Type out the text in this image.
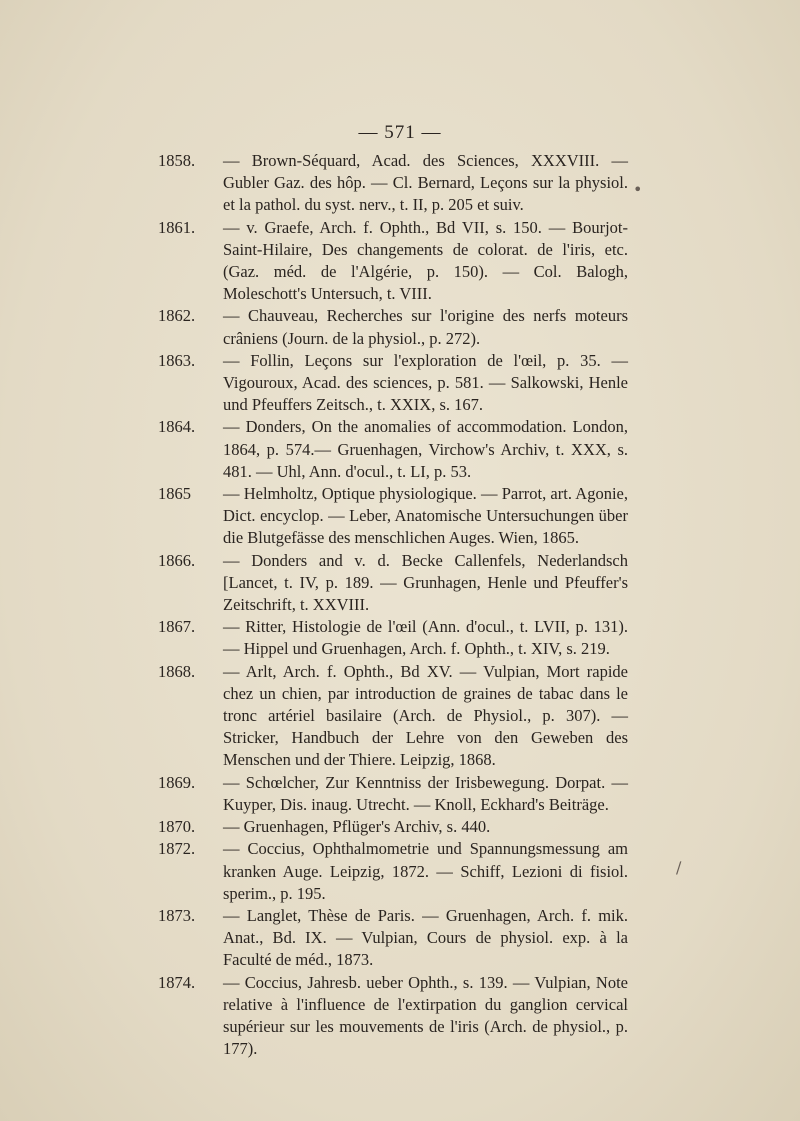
— 571 —

1858. — Brown-Séquard, Acad. des Sciences, XXXVIII. — Gubler Gaz. des hôp. — Cl. Bernard, Leçons sur la physiol. et la pathol. du syst. nerv., t. II, p. 205 et suiv.

1861. — v. Graefe, Arch. f. Ophth., Bd VII, s. 150. — Bourjot-Saint-Hilaire, Des changements de colorat. de l'iris, etc. (Gaz. méd. de l'Algérie, p. 150). — Col. Balogh, Moleschott's Untersuch, t. VIII.

1862. — Chauveau, Recherches sur l'origine des nerfs moteurs crâniens (Journ. de la physiol., p. 272).

1863. — Follin, Leçons sur l'exploration de l'œil, p. 35. — Vigouroux, Acad. des sciences, p. 581. — Salkowski, Henle und Pfeuffers Zeitsch., t. XXIX, s. 167.

1864. — Donders, On the anomalies of accommodation. London, 1864, p. 574.— Gruenhagen, Virchow's Archiv, t. XXX, s. 481. — Uhl, Ann. d'ocul., t. LI, p. 53.

1865 — Helmholtz, Optique physiologique. — Parrot, art. Agonie, Dict. encyclop. — Leber, Anatomische Untersuchungen über die Blutgefässe des menschlichen Auges. Wien, 1865.

1866. — Donders and v. d. Becke Callenfels, Nederlandsch [Lancet, t. IV, p. 189. — Grunhagen, Henle und Pfeuffer's Zeitschrift, t. XXVIII.

1867. — Ritter, Histologie de l'œil (Ann. d'ocul., t. LVII, p. 131). — Hippel und Gruenhagen, Arch. f. Ophth., t. XIV, s. 219.

1868. — Arlt, Arch. f. Ophth., Bd XV. — Vulpian, Mort rapide chez un chien, par introduction de graines de tabac dans le tronc artériel basilaire (Arch. de Physiol., p. 307). — Stricker, Handbuch der Lehre von den Geweben des Menschen und der Thiere. Leipzig, 1868.

1869. — Schœlcher, Zur Kenntniss der Irisbewegung. Dorpat. — Kuyper, Dis. inaug. Utrecht. — Knoll, Eckhard's Beiträge.

1870. — Gruenhagen, Pflüger's Archiv, s. 440.

1872. — Coccius, Ophthalmometrie und Spannungsmessung am kranken Auge. Leipzig, 1872. — Schiff, Lezioni di fisiol. sperim., p. 195.

1873. — Langlet, Thèse de Paris. — Gruenhagen, Arch. f. mik. Anat., Bd. IX. — Vulpian, Cours de physiol. exp. à la Faculté de méd., 1873.

1874. — Coccius, Jahresb. ueber Ophth., s. 139. — Vulpian, Note relative à l'influence de l'extirpation du ganglion cervical supérieur sur les mouvements de l'iris (Arch. de physiol., p. 177).

•
∕
